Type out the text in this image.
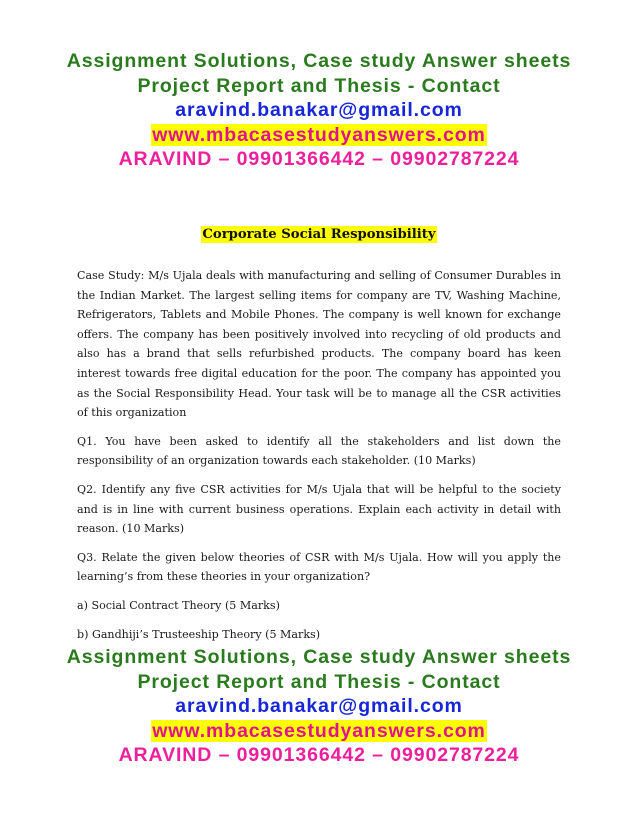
Assignment Solutions, Case study Answer sheets
Project Report and Thesis - Contact
aravind.banakar@gmail.com
www.mbacasestudyanswers.com
ARAVIND – 09901366442 – 09902787224
Corporate Social Responsibility

Case Study: M/s Ujala deals with manufacturing and selling of Consumer Durables in the Indian Market. The largest selling items for company are TV, Washing Machine, Refrigerators, Tablets and Mobile Phones. The company is well known for exchange offers. The company has been positively involved into recycling of old products and also has a brand that sells refurbished products. The company board has keen interest towards free digital education for the poor. The company has appointed you as the Social Responsibility Head. Your task will be to manage all the CSR activities of this organization

Q1. You have been asked to identify all the stakeholders and list down the responsibility of an organization towards each stakeholder. (10 Marks)

Q2. Identify any five CSR activities for M/s Ujala that will be helpful to the society and is in line with current business operations. Explain each activity in detail with reason. (10 Marks)

Q3. Relate the given below theories of CSR with M/s Ujala. How will you apply the learning’s from these theories in your organization?

a) Social Contract Theory (5 Marks)

b) Gandhiji’s Trusteeship Theory (5 Marks)

Assignment Solutions, Case study Answer sheets
Project Report and Thesis - Contact
aravind.banakar@gmail.com
www.mbacasestudyanswers.com
ARAVIND – 09901366442 – 09902787224
